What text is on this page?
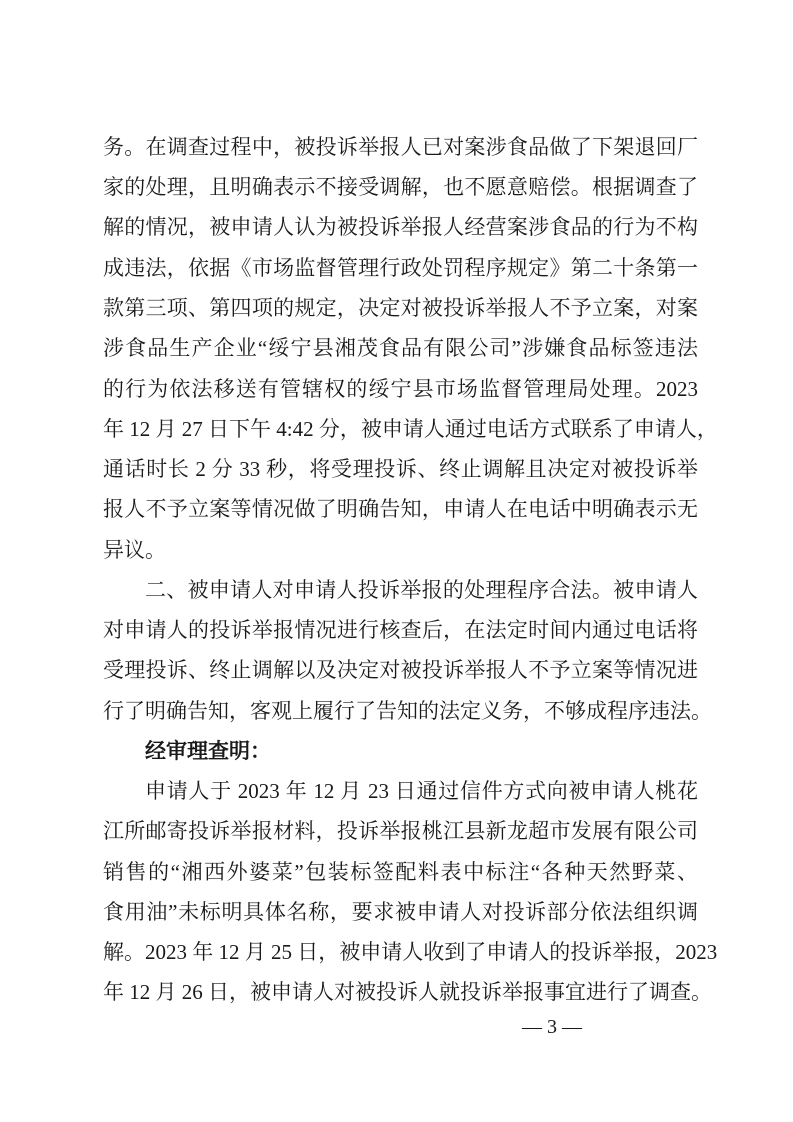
务。在调查过程中，被投诉举报人已对案涉食品做了下架退回厂
家的处理，且明确表示不接受调解，也不愿意赔偿。根据调查了
解的情况，被申请人认为被投诉举报人经营案涉食品的行为不构
成违法，依据《市场监督管理行政处罚程序规定》第二十条第一
款第三项、第四项的规定，决定对被投诉举报人不予立案，对案
涉食品生产企业“绥宁县湘茂食品有限公司”涉嫌食品标签违法
的行为依法移送有管辖权的绥宁县市场监督管理局处理。2023
年 12 月 27 日下午 4:42 分，被申请人通过电话方式联系了申请人，
通话时长 2 分 33 秒，将受理投诉、终止调解且决定对被投诉举
报人不予立案等情况做了明确告知，申请人在电话中明确表示无
异议。
二、被申请人对申请人投诉举报的处理程序合法。被申请人
对申请人的投诉举报情况进行核查后，在法定时间内通过电话将
受理投诉、终止调解以及决定对被投诉举报人不予立案等情况进
行了明确告知，客观上履行了告知的法定义务，不够成程序违法。
经审理查明：
申请人于 2023 年 12 月 23 日通过信件方式向被申请人桃花
江所邮寄投诉举报材料，投诉举报桃江县新龙超市发展有限公司
销售的“湘西外婆菜”包装标签配料表中标注“各种天然野菜、
食用油”未标明具体名称，要求被申请人对投诉部分依法组织调
解。2023 年 12 月 25 日，被申请人收到了申请人的投诉举报，2023
年 12 月 26 日，被申请人对被投诉人就投诉举报事宜进行了调查。
— 3 —
